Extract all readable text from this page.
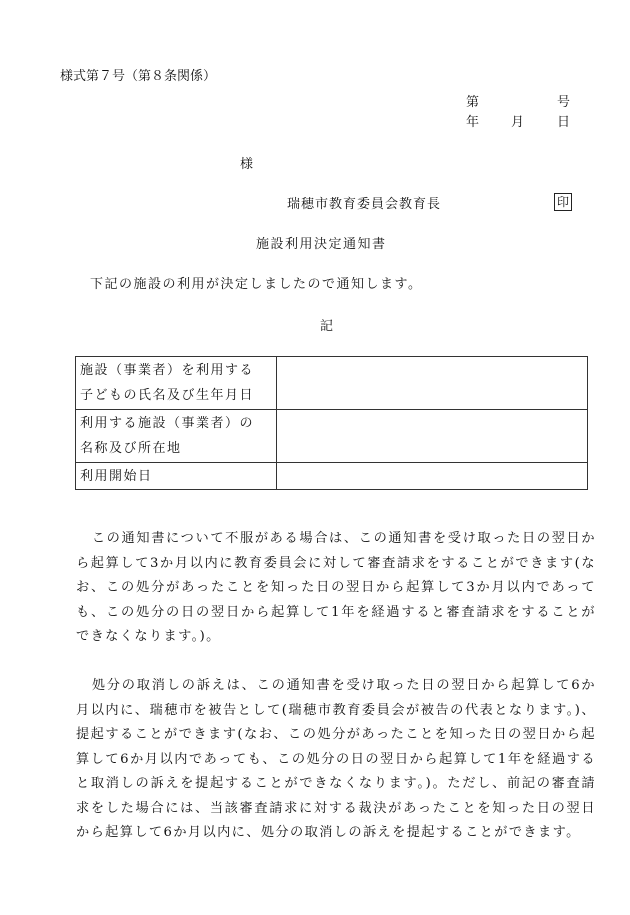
様式第７号（第８条関係）
第	号
年 月	日
様
瑞穂市教育委員会教育長	印
施設利用決定通知書
下記の施設の利用が決定しましたので通知します。
記
施設（事業者）を利用する
子どもの氏名及び生年月日	

利用する施設（事業者）の
名称及び所在地	

利用開始日	

この通知書について不服がある場合は、この通知書を受け取った日の翌日から起算して3か月以内に教育委員会に対して審査請求をすることができます(なお、この処分があったことを知った日の翌日から起算して3か月以内であっても、この処分の日の翌日から起算して1年を経過すると審査請求をすることができなくなります。)。

処分の取消しの訴えは、この通知書を受け取った日の翌日から起算して6か月以内に、瑞穂市を被告として(瑞穂市教育委員会が被告の代表となります。)、提起することができます(なお、この処分があったことを知った日の翌日から起算して6か月以内であっても、この処分の日の翌日から起算して1年を経過すると取消しの訴えを提起することができなくなります。)。ただし、前記の審査請求をした場合には、当該審査請求に対する裁決があったことを知った日の翌日から起算して6か月以内に、処分の取消しの訴えを提起することができます。
